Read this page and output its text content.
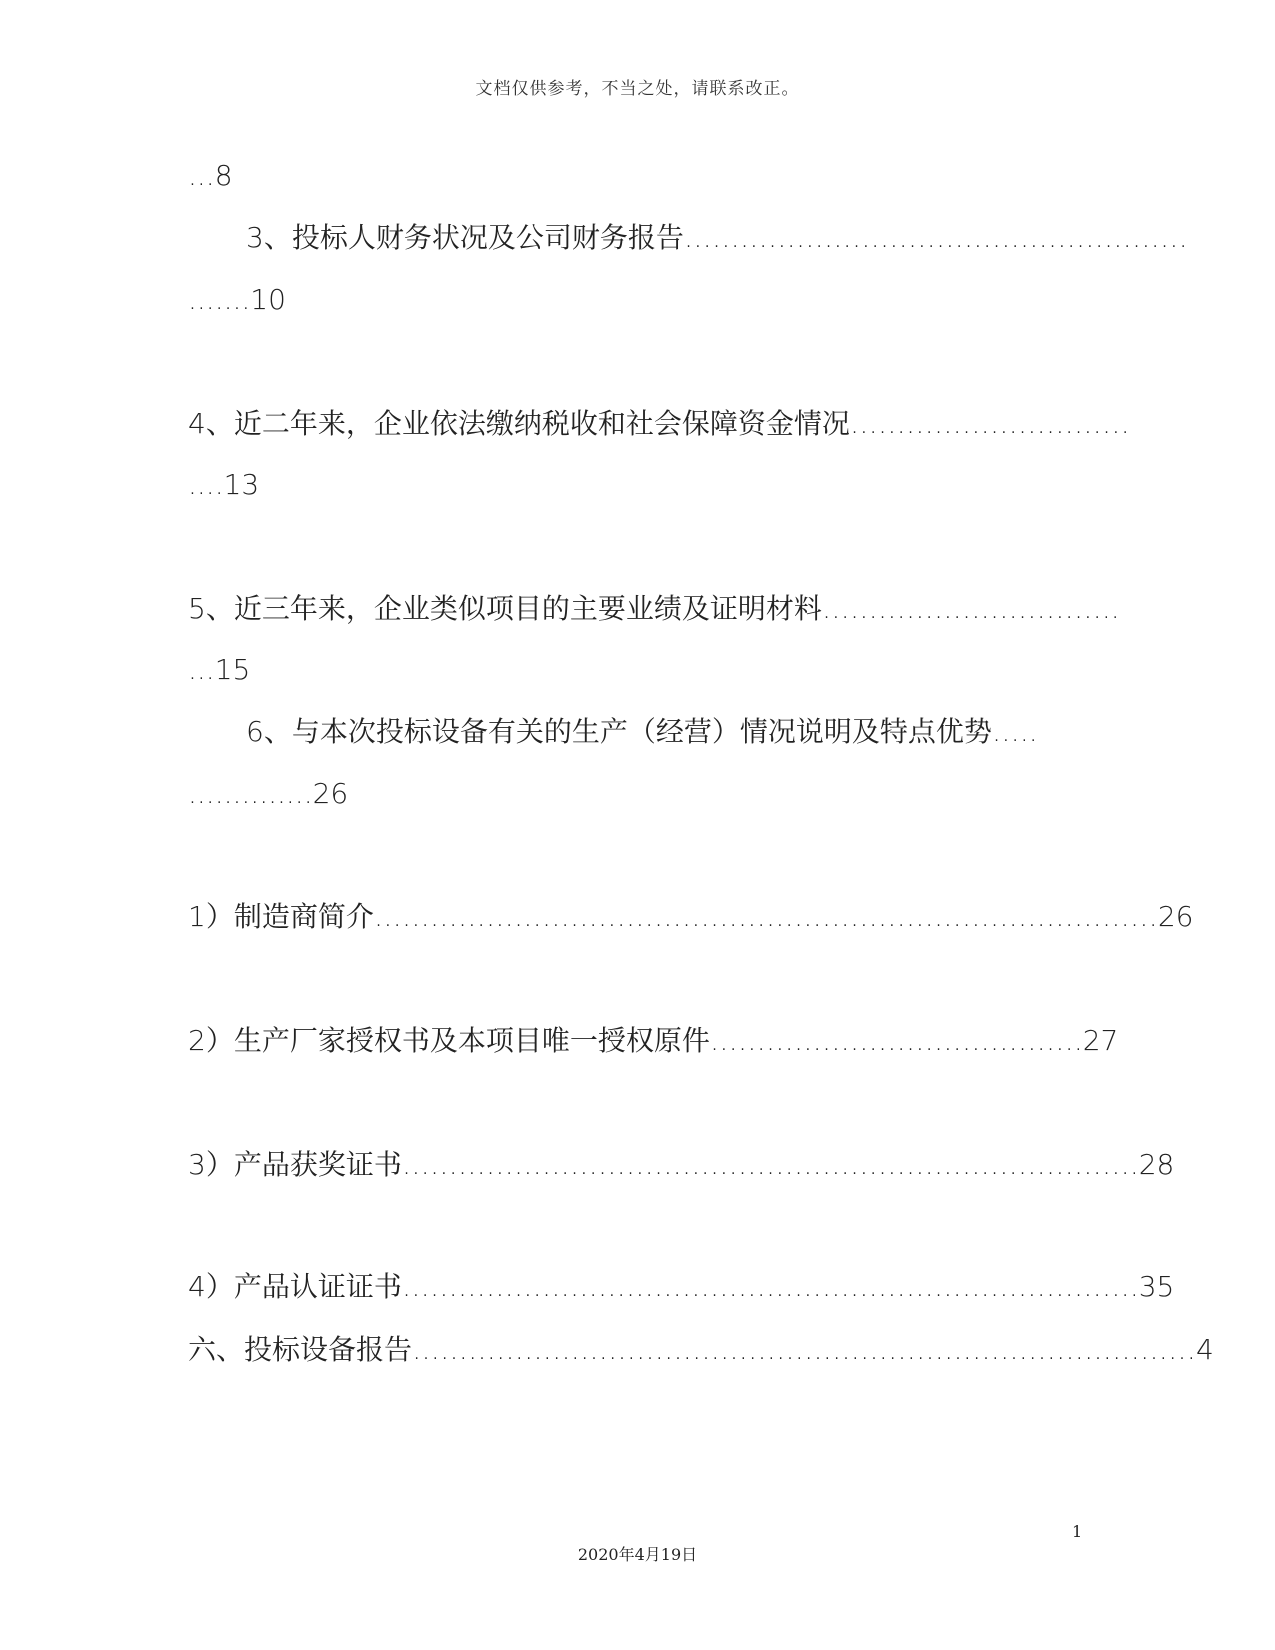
文档仅供参考，不当之处，请联系改正。
...8
3、投标人财务状况及公司财务报告………………………………………………
.......10
4、近二年来，企业依法缴纳税收和社会保障资金情况…………………………
....13
5、近三年来，企业类似项目的主要业绩及证明材料…………………………..
...15
6、与本次投标设备有关的生产（经营）情况说明及特点优势…..
..............26
1）制造商简介…………………………………………………………………………26
2）生产厂家授权书及本项目唯一授权原件………………………………….27
3）产品获奖证书…………………………………………………………………….28
4）产品认证证书…………………………………………………………………….35
六、投标设备报告…………………………………………………………………………4
1
2020年4月19日
